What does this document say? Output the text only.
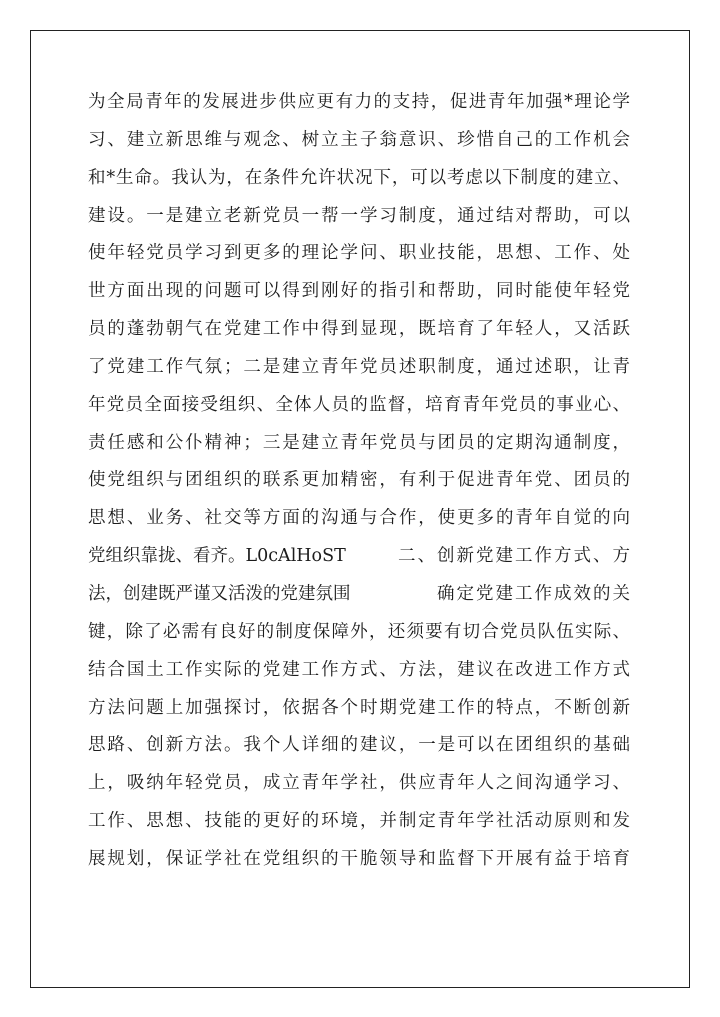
为全局青年的发展进步供应更有力的支持，促进青年加强*理论学
习、建立新思维与观念、树立主子翁意识、珍惜自己的工作机会
和*生命。我认为，在条件允许状况下，可以考虑以下制度的建立、
建设。一是建立老新党员一帮一学习制度，通过结对帮助，可以
使年轻党员学习到更多的理论学问、职业技能，思想、工作、处
世方面出现的问题可以得到刚好的指引和帮助，同时能使年轻党
员的蓬勃朝气在党建工作中得到显现，既培育了年轻人，又活跃
了党建工作气氛；二是建立青年党员述职制度，通过述职，让青
年党员全面接受组织、全体人员的监督，培育青年党员的事业心、
责任感和公仆精神；三是建立青年党员与团员的定期沟通制度，
使党组织与团组织的联系更加精密，有利于促进青年党、团员的
思想、业务、社交等方面的沟通与合作，使更多的青年自觉的向
党组织靠拢、看齐。L0cAlHoST	二、创新党建工作方式、方
法，创建既严谨又活泼的党建氛围	确定党建工作成效的关
键，除了必需有良好的制度保障外，还须要有切合党员队伍实际、
结合国土工作实际的党建工作方式、方法，建议在改进工作方式
方法问题上加强探讨，依据各个时期党建工作的特点，不断创新
思路、创新方法。我个人详细的建议，一是可以在团组织的基础
上，吸纳年轻党员，成立青年学社，供应青年人之间沟通学习、
工作、思想、技能的更好的环境，并制定青年学社活动原则和发
展规划，保证学社在党组织的干脆领导和监督下开展有益于培育
